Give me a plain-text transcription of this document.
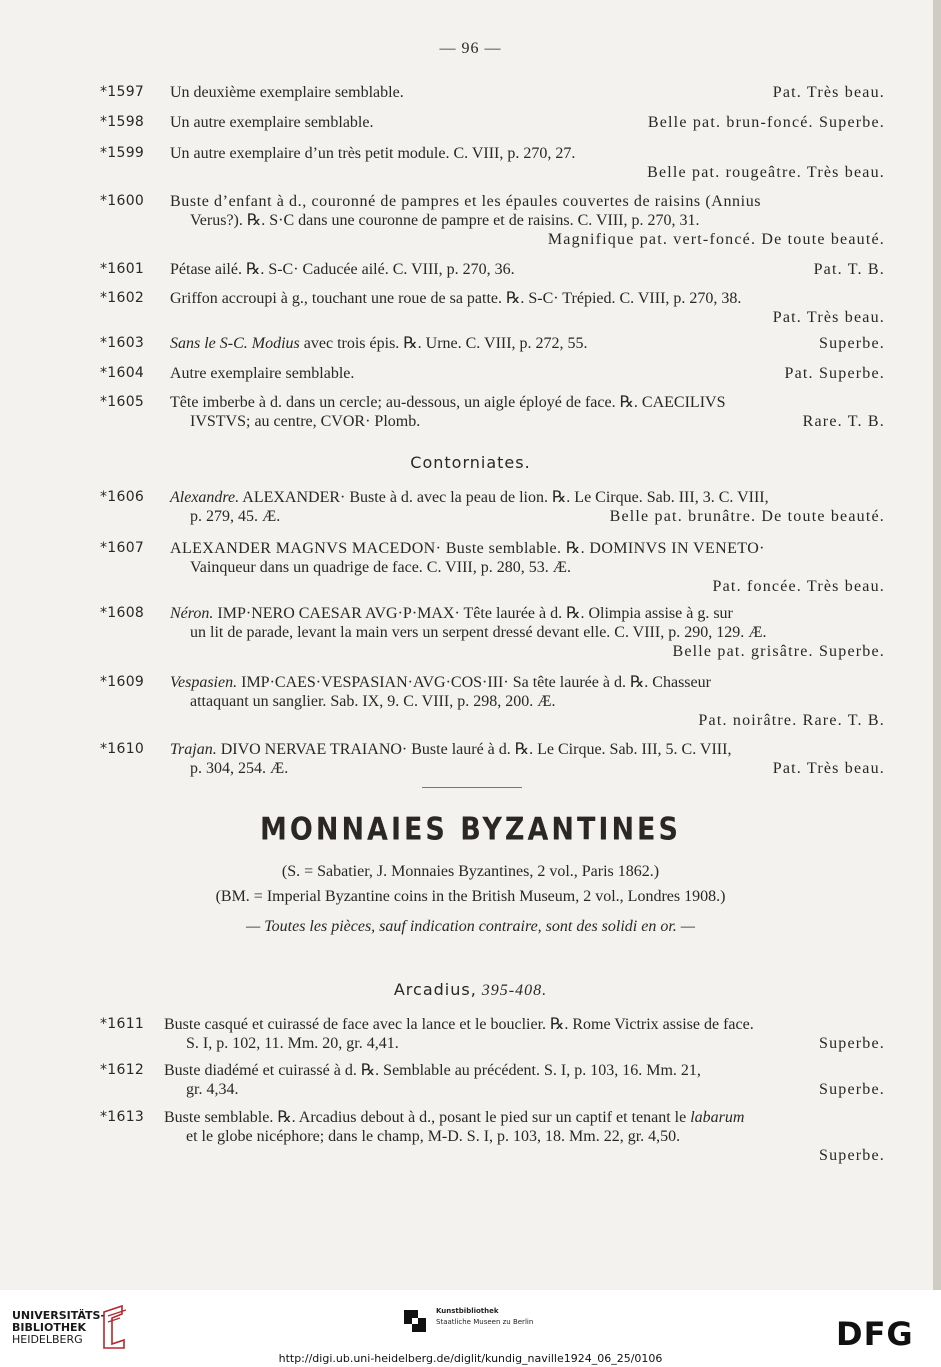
— 96 —
*1597	Un deuxième exemplaire semblable.	Pat. Très beau.
*1598	Un autre exemplaire semblable.	Belle pat. brun-foncé. Superbe.
*1599	Un autre exemplaire d’un très petit module. C. VIII, p. 270, 27.
Belle pat. rougeâtre. Très beau.
*1600	Buste d’enfant à d., couronné de pampres et les épaules couvertes de raisins (Annius
Verus?). ℞. S·C dans une couronne de pampre et de raisins. C. VIII, p. 270, 31.
Magnifique pat. vert-foncé. De toute beauté.
*1601	Pétase ailé. ℞. S-C· Caducée ailé. C. VIII, p. 270, 36.	Pat. T. B.
*1602	Griffon accroupi à g., touchant une roue de sa patte. ℞. S-C· Trépied. C. VIII, p. 270, 38.
Pat. Très beau.
*1603	Sans le S-C. Modius avec trois épis. ℞. Urne. C. VIII, p. 272, 55.	Superbe.
*1604	Autre exemplaire semblable.	Pat. Superbe.
*1605	Tête imberbe à d. dans un cercle; au-dessous, un aigle éployé de face. ℞. CAECILIVS
IVSTVS; au centre, CVOR· Plomb.	Rare. T. B.
Contorniates.
*1606	Alexandre. ALEXANDER· Buste à d. avec la peau de lion. ℞. Le Cirque. Sab. III, 3. C. VIII,
p. 279, 45. Æ.	Belle pat. brunâtre. De toute beauté.
*1607	ALEXANDER MAGNVS MACEDON· Buste semblable. ℞. DOMINVS IN VENETO·
Vainqueur dans un quadrige de face. C. VIII, p. 280, 53. Æ.
Pat. foncée. Très beau.
*1608	Néron. IMP·NERO CAESAR AVG·P·MAX· Tête laurée à d. ℞. Olimpia assise à g. sur
un lit de parade, levant la main vers un serpent dressé devant elle. C. VIII, p. 290, 129. Æ.
Belle pat. grisâtre. Superbe.
*1609	Vespasien. IMP·CAES·VESPASIAN·AVG·COS·III· Sa tête laurée à d. ℞. Chasseur
attaquant un sanglier. Sab. IX, 9. C. VIII, p. 298, 200. Æ.
Pat. noirâtre. Rare. T. B.
*1610	Trajan. DIVO NERVAE TRAIANO· Buste lauré à d. ℞. Le Cirque. Sab. III, 5. C. VIII,
p. 304, 254. Æ.	Pat. Très beau.
MONNAIES BYZANTINES
(S. = Sabatier, J. Monnaies Byzantines, 2 vol., Paris 1862.)
(BM. = Imperial Byzantine coins in the British Museum, 2 vol., Londres 1908.)
— Toutes les pièces, sauf indication contraire, sont des solidi en or. —
Arcadius, 395-408.
*1611	Buste casqué et cuirassé de face avec la lance et le bouclier. ℞. Rome Victrix assise de face.
S. I, p. 102, 11. Mm. 20, gr. 4,41.	Superbe.
*1612	Buste diadémé et cuirassé à d. ℞. Semblable au précédent. S. I, p. 103, 16. Mm. 21,
gr. 4,34.	Superbe.
*1613	Buste semblable. ℞. Arcadius debout à d., posant le pied sur un captif et tenant le labarum
et le globe nicéphore; dans le champ, M-D. S. I, p. 103, 18. Mm. 22, gr. 4,50.
Superbe.
UNIVERSITÄTS-
BIBLIOTHEK
HEIDELBERG
Kunstbibliothek
Staatliche Museen zu Berlin	DFG
http://digi.ub.uni-heidelberg.de/diglit/kundig_naville1924_06_25/0106
